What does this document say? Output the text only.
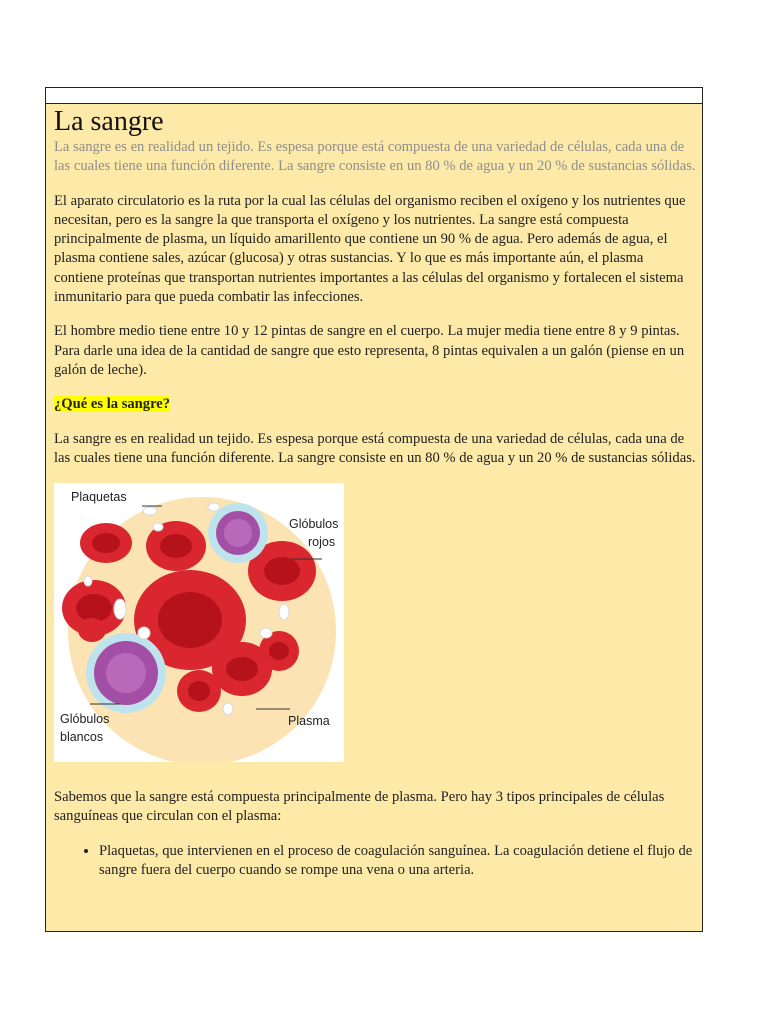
La sangre

La sangre es en realidad un tejido. Es espesa porque está compuesta de una variedad de células, cada una de las cuales tiene una función diferente. La sangre consiste en un 80 % de agua y un 20 % de sustancias sólidas.

El aparato circulatorio es la ruta por la cual las células del organismo reciben el oxígeno y los nutrientes que necesitan, pero es la sangre la que transporta el oxígeno y los nutrientes. La sangre está compuesta principalmente de plasma, un líquido amarillento que contiene un 90 % de agua. Pero además de agua, el plasma contiene sales, azúcar (glucosa) y otras sustancias. Y lo que es más importante aún, el plasma contiene proteínas que transportan nutrientes importantes a las células del organismo y fortalecen el sistema inmunitario para que pueda combatir las infecciones.

El hombre medio tiene entre 10 y 12 pintas de sangre en el cuerpo. La mujer media tiene entre 8 y 9 pintas. Para darle una idea de la cantidad de sangre que esto representa, 8 pintas equivalen a un galón (piense en un galón de leche).

¿Qué es la sangre?

La sangre es en realidad un tejido. Es espesa porque está compuesta de una variedad de células, cada una de las cuales tiene una función diferente. La sangre consiste en un 80 % de agua y un 20 % de sustancias sólidas.

Plaquetas
Glóbulos
rojos
Glóbulos
blancos
Plasma

Sabemos que la sangre está compuesta principalmente de plasma. Pero hay 3 tipos principales de células sanguíneas que circulan con el plasma:

• Plaquetas, que intervienen en el proceso de coagulación sanguínea. La coagulación detiene el flujo de sangre fuera del cuerpo cuando se rompe una vena o una arteria.
